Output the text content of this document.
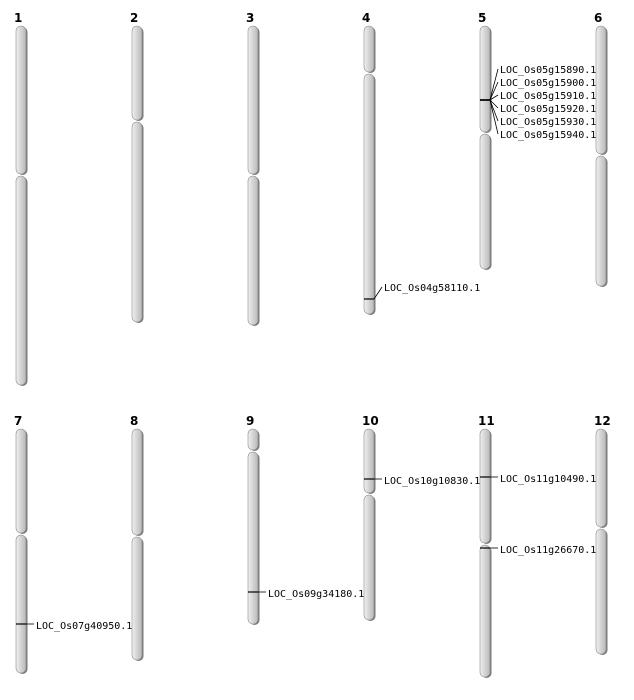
1	2	3	4	5	6
7	8	9	10	11	12
LOC_Os04g58110.1
LOC_Os05g15890.1
LOC_Os05g15900.1
LOC_Os05g15910.1
LOC_Os05g15920.1
LOC_Os05g15930.1
LOC_Os05g15940.1
LOC_Os07g40950.1
LOC_Os09g34180.1
LOC_Os10g10830.1 LOC_Os11g10490.1
LOC_Os11g26670.1
